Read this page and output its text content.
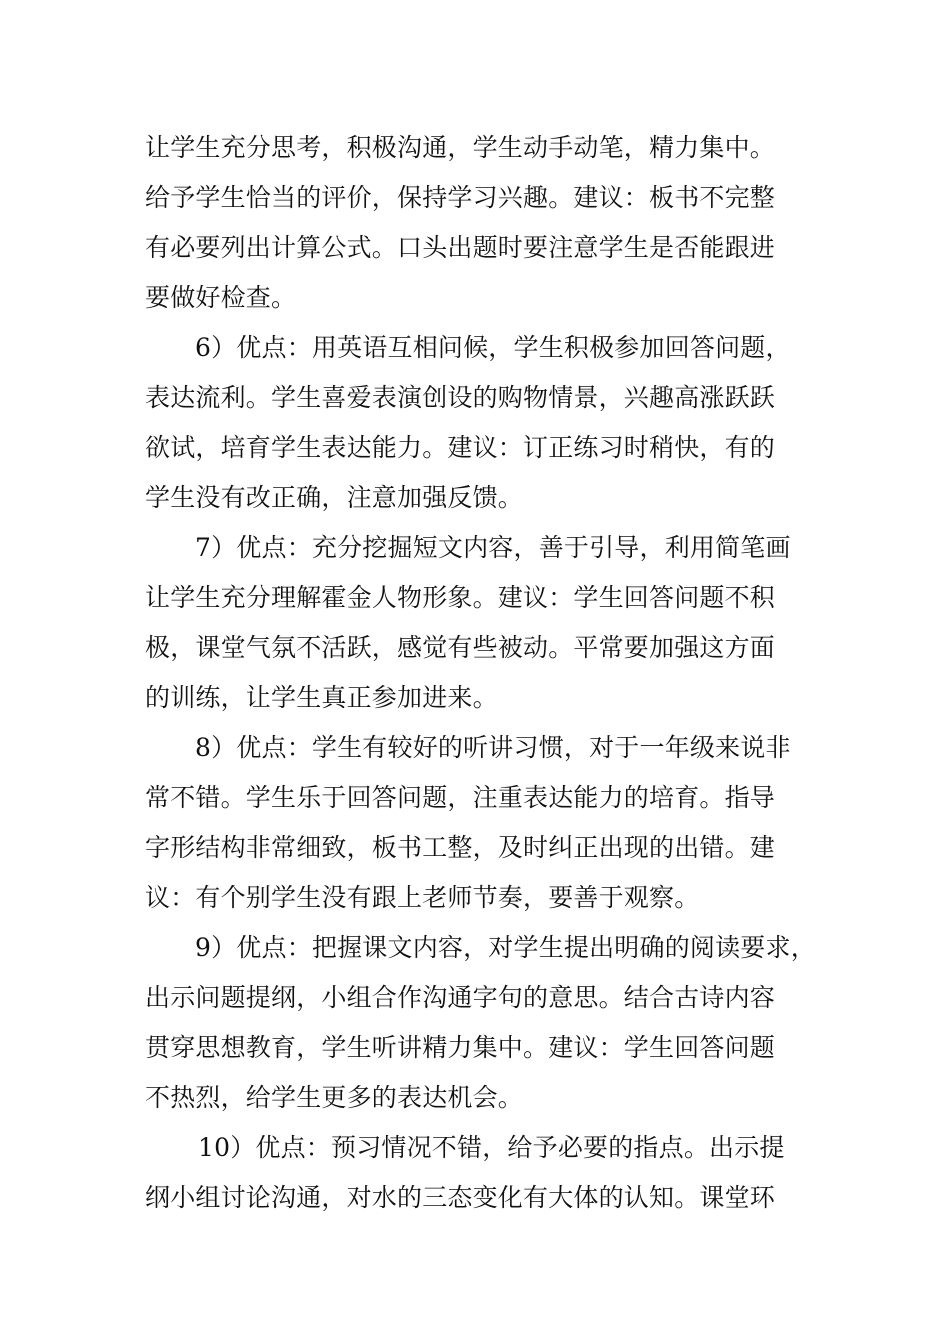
让学生充分思考，积极沟通，学生动手动笔，精力集中。
给予学生恰当的评价，保持学习兴趣。建议：板书不完整
有必要列出计算公式。口头出题时要注意学生是否能跟进
要做好检查。
6）优点：用英语互相问候，学生积极参加回答问题，
表达流利。学生喜爱表演创设的购物情景，兴趣高涨跃跃
欲试，培育学生表达能力。建议：订正练习时稍快，有的
学生没有改正确，注意加强反馈。
7）优点：充分挖掘短文内容，善于引导，利用简笔画
让学生充分理解霍金人物形象。建议：学生回答问题不积
极，课堂气氛不活跃，感觉有些被动。平常要加强这方面
的训练，让学生真正参加进来。
8）优点：学生有较好的听讲习惯，对于一年级来说非
常不错。学生乐于回答问题，注重表达能力的培育。指导
字形结构非常细致，板书工整，及时纠正出现的出错。建
议：有个别学生没有跟上老师节奏，要善于观察。
9）优点：把握课文内容，对学生提出明确的阅读要求，
出示问题提纲，小组合作沟通字句的意思。结合古诗内容
贯穿思想教育，学生听讲精力集中。建议：学生回答问题
不热烈，给学生更多的表达机会。
10）优点：预习情况不错，给予必要的指点。出示提
纲小组讨论沟通，对水的三态变化有大体的认知。课堂环
